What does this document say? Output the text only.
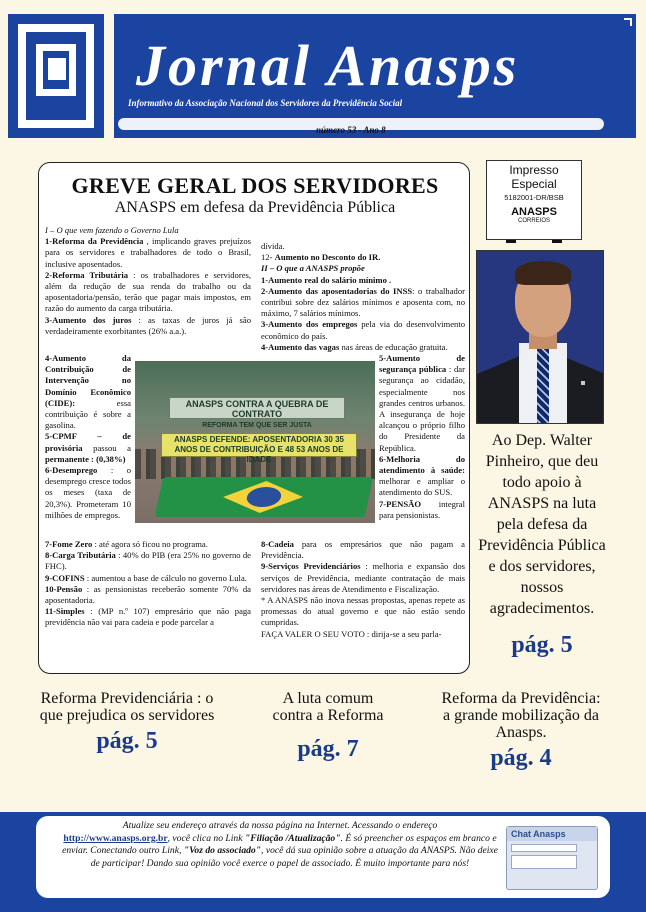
Jornal Anasps
Informativo da Associação Nacional dos Servidores da Previdência Social
número 53 - Ano 8
GREVE GERAL DOS SERVIDORES
ANASPS em defesa da Previdência Pública

I – O que vem fazendo o Governo Lula

1-Reforma da Previdência , implicando graves prejuízos para os servidores e trabalhadores de todo o Brasil, inclusive aposentados.

2-Reforma Tributária : os trabalhadores e servidores, além da redução de sua renda do trabalho ou da aposentadoria/pensão, terão que pagar mais impostos, em razão do aumento da carga tributária.

3-Aumento dos juros : as taxas de juros já são verdadeiramente exorbitantes (26% a.a.).

4-Aumento da Contribuição de Intervenção no Domínio Econômico (CIDE): essa contribuição é sobre a gasolina.

5-CPMF – de provisória passou a permanente : (0,38%)

6-Desemprego : o desemprego cresce todos os meses (taxa de 20,3%). Prometeram 10 milhões de empregos.

7-Fome Zero : até agora só ficou no programa.

8-Carga Tributária : 40% do PIB (era 25% no governo de FHC).

9-COFINS : aumentou a base de cálculo no governo Lula.

10-Pensão : as pensionistas receberão somente 70% da aposentadoria.

11-Simples : (MP n.º 107) empresário que não paga previdência não vai para cadeia e pode parcelar a

dívida.

12- Aumento no Desconto do IR.

II – O que a ANASPS propõe

1-Aumento real do salário mínimo .

2-Aumento das aposentadorias do INSS: o trabalhador contribui sobre dez salários mínimos e aposenta com, no máximo, 7 salários mínimos.

3-Aumento dos empregos pela via do desenvolvimento econômico do país.

4-Aumento das vagas nas áreas de educação gratuita.

5-Aumento de segurança pública : dar segurança ao cidadão, especialmente nos grandes centros urbanos. A insegurança de hoje alcançou o próprio filho do Presidente da República.

6-Melhoria do atendimento à saúde: melhorar e ampliar o atendimento do SUS.

7-PENSÃO integral para pensionistas.

8-Cadeia para os empresários que não pagam a Previdência.

9-Serviços Previdenciários : melhoria e expansão dos serviços de Previdência, mediante contratação de mais servidores nas áreas de Atendimento e Fiscalização.

* A ANASPS não inova nessas propostas, apenas repete as promessas do atual governo e que não estão sendo cumpridas.

FAÇA VALER O SEU VOTO : dirija-se a seu parla-

ANASPS CONTRA A QUEBRA DE CONTRATO
REFORMA TEM QUE SER JUSTA
ANASPS DEFENDE: APOSENTADORIA 30 35 ANOS DE CONTRIBUIÇÃO E 48 53 ANOS DE IDADE
Impresso Especial
5182001-DR/BSB
ANASPS
CORREIOS
Ao Dep. Walter Pinheiro, que deu todo apoio à ANASPS na luta pela defesa da Previdência Pública e dos servidores, nossos agradecimentos.
pág. 5
Reforma Previdenciária : o que prejudica os servidores
pág. 5
A luta comum contra a Reforma
pág. 7
Reforma da Previdência: a grande mobilização da Anasps.
pág. 4
Atualize seu endereço através da nossa página na Internet. Acessando o endereço
http://www.anasps.org.br, você clica no Link "Filiação /Atualização". É só preencher os espaços em branco e enviar. Conectando outro Link, "Voz do associado", você dá sua opinião sobre a atuação da ANASPS. Não deixe de participar! Dando sua opinião você exerce o papel de associado. É muito importante para nós!
Chat Anasps
